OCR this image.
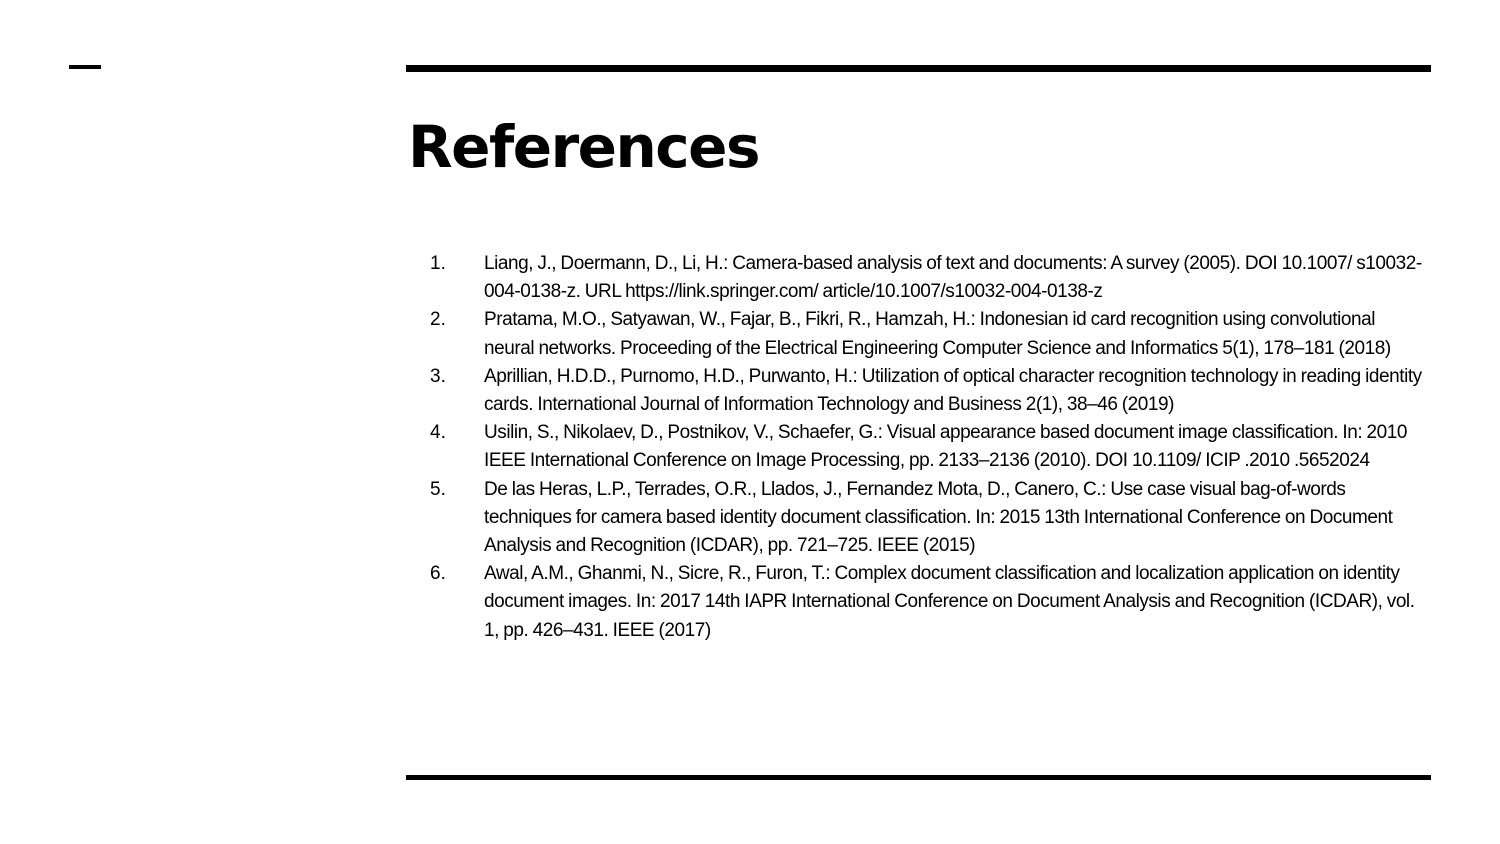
References
1.	Liang, J., Doermann, D., Li, H.: Camera-based analysis of text and documents: A survey (2005). DOI 10.1007/ s10032-004-0138-z. URL https://link.springer.com/ article/10.1007/s10032-004-0138-z
2.	Pratama, M.O., Satyawan, W., Fajar, B., Fikri, R., Hamzah, H.: Indonesian id card recognition using convolutional neural networks. Proceeding of the Electrical Engineering Computer Science and Informatics 5(1), 178–181 (2018)
3.	Aprillian, H.D.D., Purnomo, H.D., Purwanto, H.: Utilization of optical character recognition technology in reading identity cards. International Journal of Information Technology and Business 2(1), 38–46 (2019)
4.	Usilin, S., Nikolaev, D., Postnikov, V., Schaefer, G.: Visual appearance based document image classification. In: 2010 IEEE International Conference on Image Processing, pp. 2133–2136 (2010). DOI 10.1109/ ICIP .2010 .5652024
5.	De las Heras, L.P., Terrades, O.R., Llados, J., Fernandez Mota, D., Canero, C.: Use case visual bag-of-words techniques for camera based identity document classification. In: 2015 13th International Conference on Document Analysis and Recognition (ICDAR), pp. 721–725. IEEE (2015)
6.	Awal, A.M., Ghanmi, N., Sicre, R., Furon, T.: Complex document classification and localization application on identity document images. In: 2017 14th IAPR International Conference on Document Analysis and Recognition (ICDAR), vol. 1, pp. 426–431. IEEE (2017)
